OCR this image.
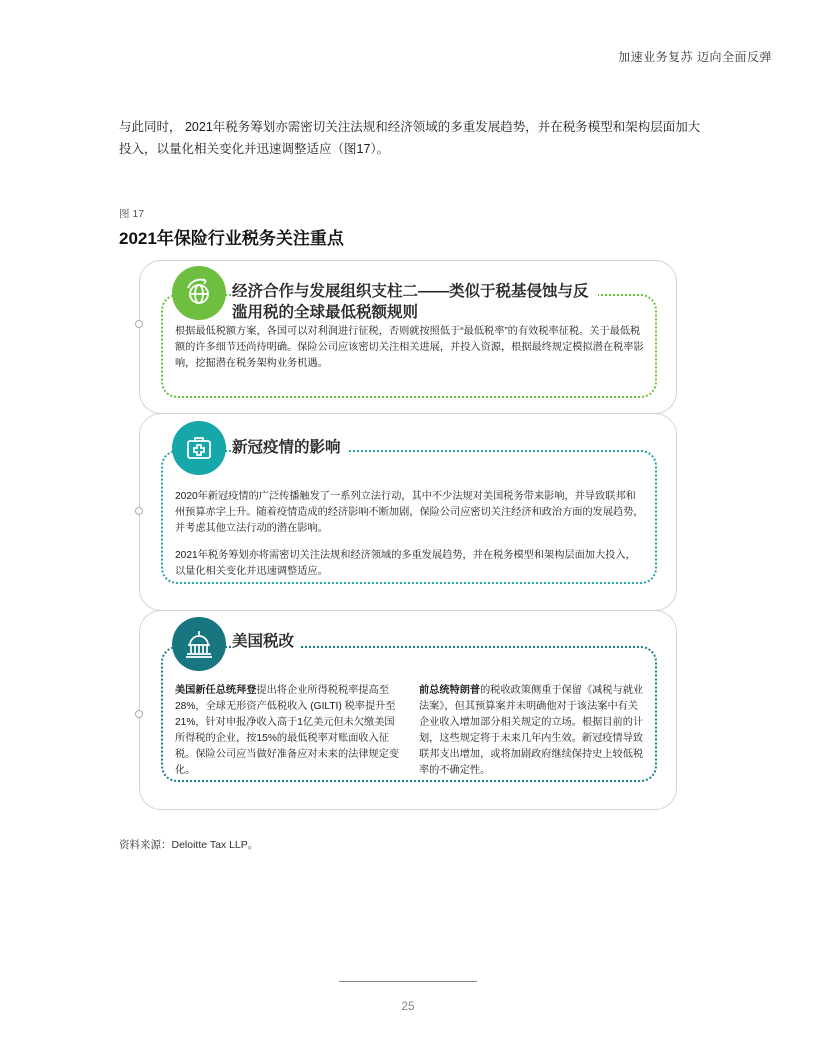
加速业务复苏 迈向全面反弹
与此同时， 2021年税务筹划亦需密切关注法规和经济领域的多重发展趋势，并在税务模型和架构层面加大投入，以量化相关变化并迅速调整适应（图17）。
图 17
2021年保险行业税务关注重点
经济合作与发展组织支柱二——类似于税基侵蚀与反滥用税的全球最低税额规则
根据最低税额方案，各国可以对利润进行征税，否则就按照低于“最低税率”的有效税率征税。关于最低税额的许多细节还尚待明确。保险公司应该密切关注相关进展，并投入资源，根据最终规定模拟潜在税率影响，挖掘潜在税务架构业务机遇。
新冠疫情的影响
2020年新冠疫情的广泛传播触发了一系列立法行动，其中不少法规对美国税务带来影响，并导致联邦和州预算赤字上升。随着疫情造成的经济影响不断加剧，保险公司应密切关注经济和政治方面的发展趋势，并考虑其他立法行动的潜在影响。
2021年税务筹划亦将需密切关注法规和经济领域的多重发展趋势，并在税务模型和架构层面加大投入，以量化相关变化并迅速调整适应。
美国税改
美国新任总统拜登提出将企业所得税税率提高至28%，全球无形资产低税收入 (GILTI) 税率提升至21%，针对申报净收入高于1亿美元但未欠缴美国所得税的企业，按15%的最低税率对账面收入征税。保险公司应当做好准备应对未来的法律规定变化。
前总统特朗普的税收政策侧重于保留《减税与就业法案》，但其预算案并未明确他对于该法案中有关企业收入增加部分相关规定的立场。根据目前的计划，这些规定将于未来几年内生效。新冠疫情导致联邦支出增加，或将加剧政府继续保持史上较低税率的不确定性。
资料来源：Deloitte Tax LLP。
25
